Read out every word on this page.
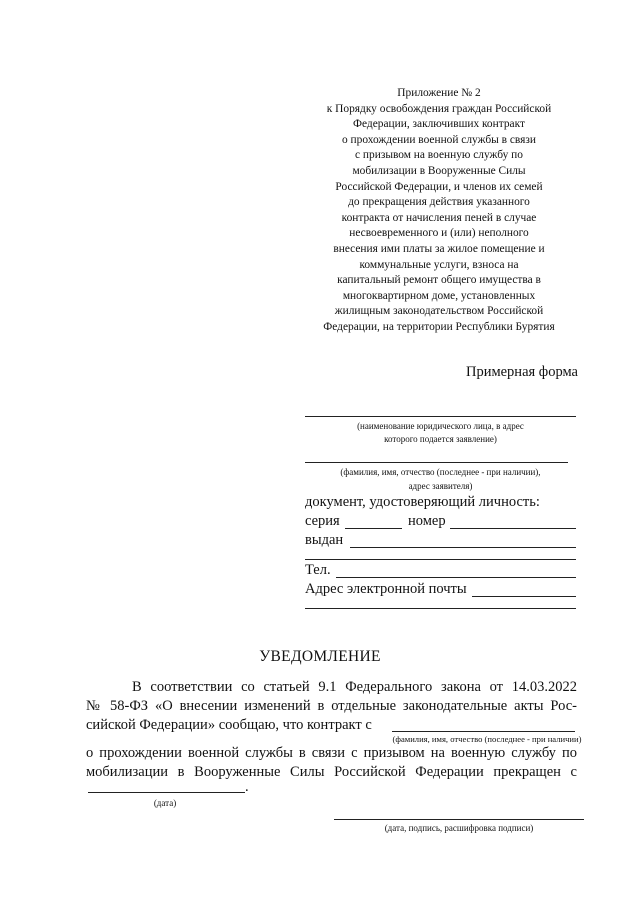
Приложение № 2
к Порядку освобождения граждан Российской
Федерации, заключивших контракт
о прохождении военной службы в связи
с призывом на военную службу по
мобилизации в Вооруженные Силы
Российской Федерации, и членов их семей
до прекращения действия указанного
контракта от начисления пеней в случае
несвоевременного и (или) неполного
внесения ими платы за жилое помещение и
коммунальные услуги, взноса на
капитальный ремонт общего имущества в
многоквартирном доме, установленных
жилищным законодательством Российской
Федерации, на территории Республики Бурятия
Примерная форма
(наименование юридического лица, в адрес
которого подается заявление)
(фамилия, имя, отчество (последнее - при наличии),
адрес заявителя)
документ, удостоверяющий личность:
серия	номер
выдан
Тел.
Адрес электронной почты
УВЕДОМЛЕНИЕ
В соответствии со статьей 9.1 Федерального закона от 14.03.2022
№ 58-ФЗ «О внесении изменений в отдельные законодательные акты Рос-
сийской Федерации» сообщаю, что контракт с
(фамилия, имя, отчество (последнее - при наличии)
о прохождении военной службы в связи с призывом на военную службу по
мобилизации в Вооруженные Силы Российской Федерации прекращен с
.
(дата)
(дата, подпись, расшифровка подписи)
